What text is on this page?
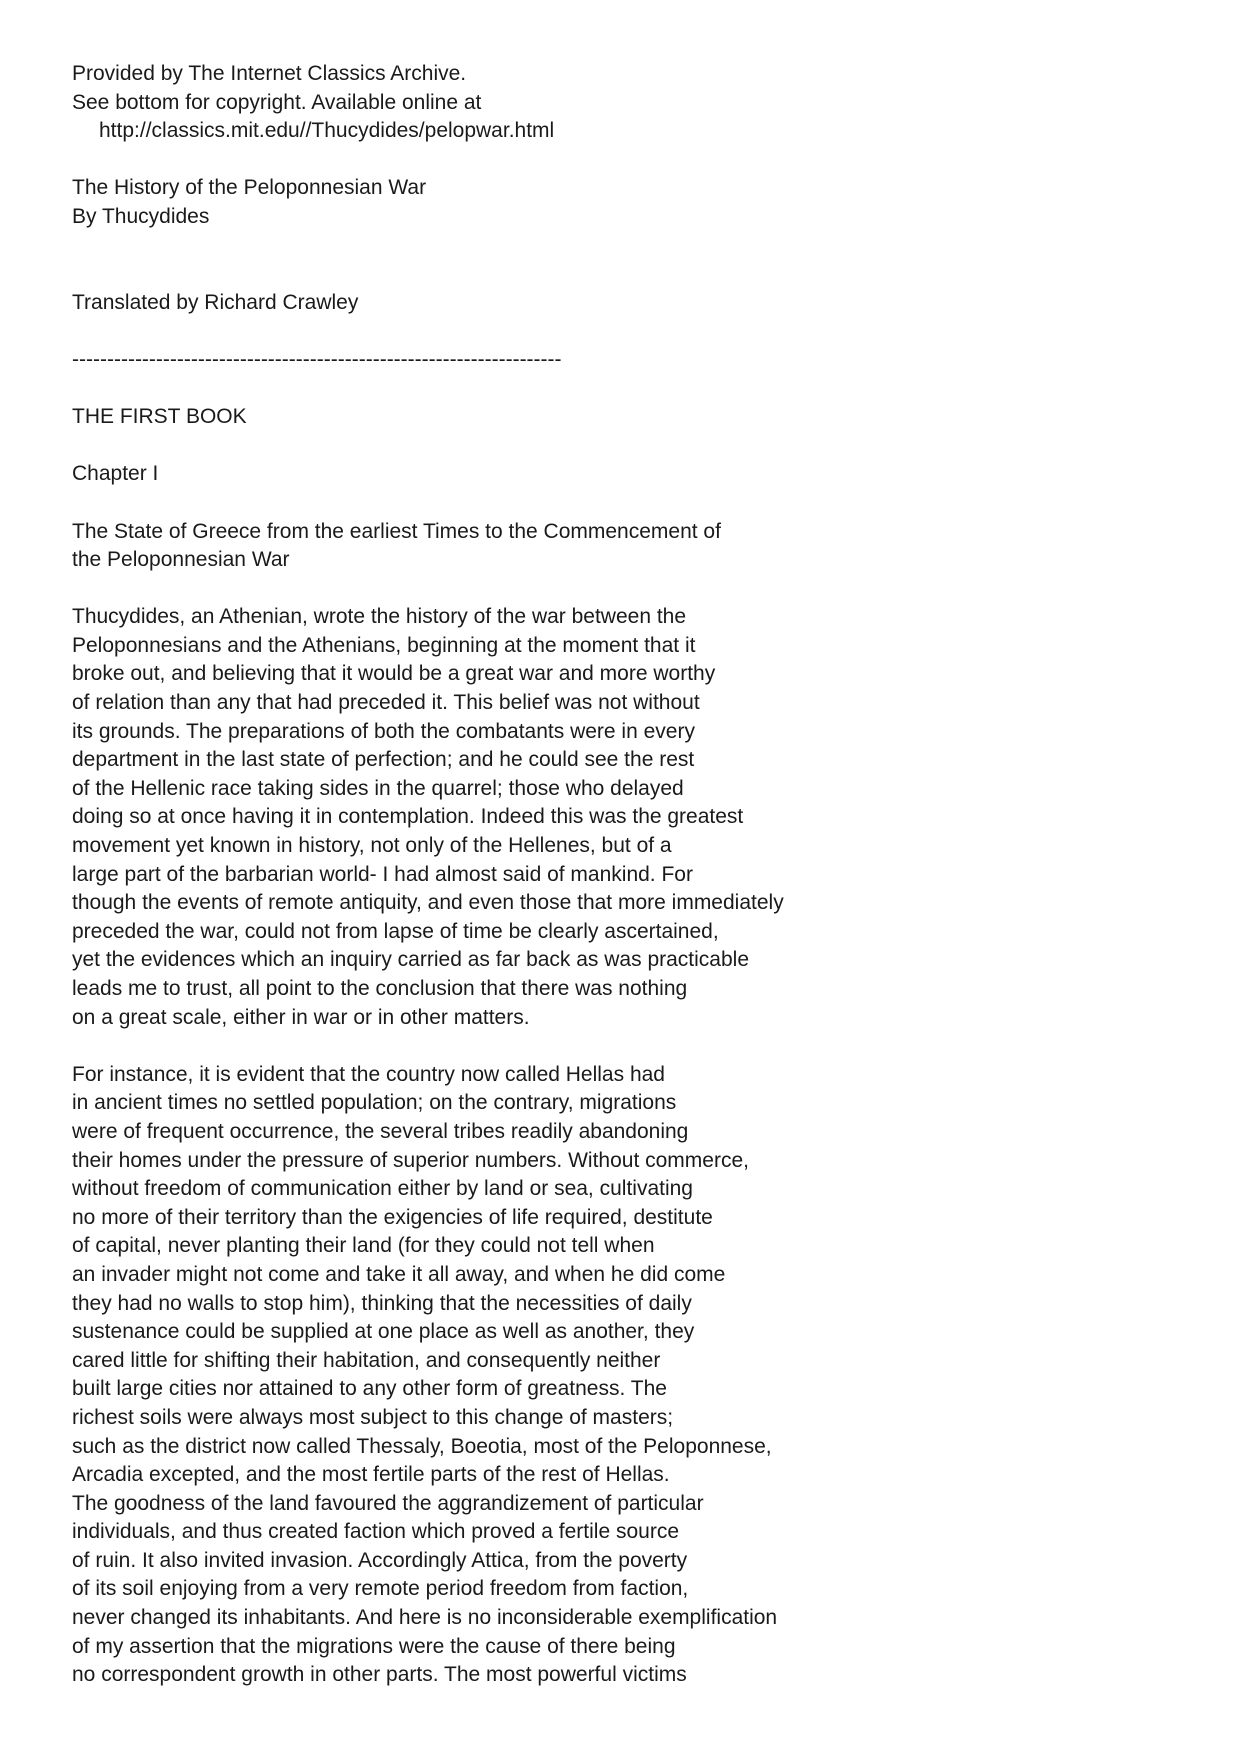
Provided by The Internet Classics Archive.
See bottom for copyright. Available online at
http://classics.mit.edu//Thucydides/pelopwar.html
The History of the Peloponnesian War
By Thucydides
Translated by Richard Crawley
----------------------------------------------------------------------
THE FIRST BOOK
Chapter I
The State of Greece from the earliest Times to the Commencement of
the Peloponnesian War
Thucydides, an Athenian, wrote the history of the war between the
Peloponnesians and the Athenians, beginning at the moment that it
broke out, and believing that it would be a great war and more worthy
of relation than any that had preceded it. This belief was not without
its grounds. The preparations of both the combatants were in every
department in the last state of perfection; and he could see the rest
of the Hellenic race taking sides in the quarrel; those who delayed
doing so at once having it in contemplation. Indeed this was the greatest
movement yet known in history, not only of the Hellenes, but of a
large part of the barbarian world- I had almost said of mankind. For
though the events of remote antiquity, and even those that more immediately
preceded the war, could not from lapse of time be clearly ascertained,
yet the evidences which an inquiry carried as far back as was practicable
leads me to trust, all point to the conclusion that there was nothing
on a great scale, either in war or in other matters.
For instance, it is evident that the country now called Hellas had
in ancient times no settled population; on the contrary, migrations
were of frequent occurrence, the several tribes readily abandoning
their homes under the pressure of superior numbers. Without commerce,
without freedom of communication either by land or sea, cultivating
no more of their territory than the exigencies of life required, destitute
of capital, never planting their land (for they could not tell when
an invader might not come and take it all away, and when he did come
they had no walls to stop him), thinking that the necessities of daily
sustenance could be supplied at one place as well as another, they
cared little for shifting their habitation, and consequently neither
built large cities nor attained to any other form of greatness. The
richest soils were always most subject to this change of masters;
such as the district now called Thessaly, Boeotia, most of the Peloponnese,
Arcadia excepted, and the most fertile parts of the rest of Hellas.
The goodness of the land favoured the aggrandizement of particular
individuals, and thus created faction which proved a fertile source
of ruin. It also invited invasion. Accordingly Attica, from the poverty
of its soil enjoying from a very remote period freedom from faction,
never changed its inhabitants. And here is no inconsiderable exemplification
of my assertion that the migrations were the cause of there being
no correspondent growth in other parts. The most powerful victims
